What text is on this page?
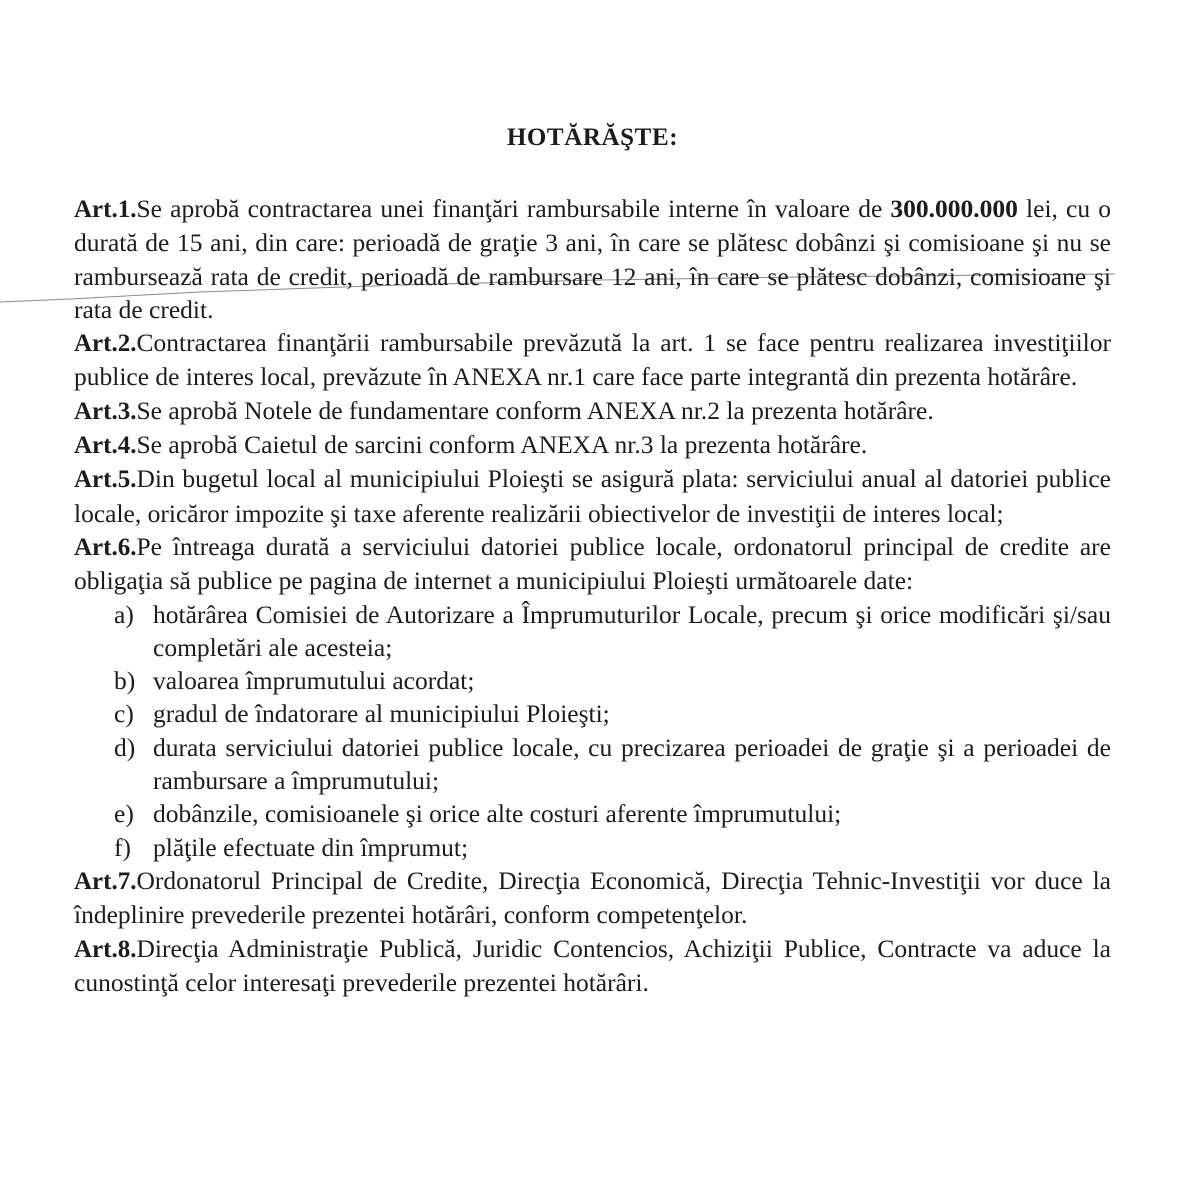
HOTĂRĂŞTE:

Art.1.Se aprobă contractarea unei finanţări rambursabile interne în valoare de 300.000.000 lei, cu o durată de 15 ani, din care: perioadă de graţie 3 ani, în care se plătesc dobânzi şi comisioane şi nu se rambursează rata de credit, perioadă de rambursare 12 ani, în care se plătesc dobânzi, comisioane şi rata de credit.

Art.2.Contractarea finanţării rambursabile prevăzută la art. 1 se face pentru realizarea investiţiilor publice de interes local, prevăzute în ANEXA nr.1 care face parte integrantă din prezenta hotărâre.

Art.3.Se aprobă Notele de fundamentare conform ANEXA nr.2 la prezenta hotărâre.

Art.4.Se aprobă Caietul de sarcini conform ANEXA nr.3 la prezenta hotărâre.

Art.5.Din bugetul local al municipiului Ploieşti se asigură plata: serviciului anual al datoriei publice locale, oricăror impozite şi taxe aferente realizării obiectivelor de investiţii de interes local;

Art.6.Pe întreaga durată a serviciului datoriei publice locale, ordonatorul principal de credite are obligaţia să publice pe pagina de internet a municipiului Ploieşti următoarele date:

a) hotărârea Comisiei de Autorizare a Împrumuturilor Locale, precum şi orice modificări şi/sau completări ale acesteia;
b) valoarea împrumutului acordat;
c) gradul de îndatorare al municipiului Ploieşti;
d) durata serviciului datoriei publice locale, cu precizarea perioadei de graţie şi a perioadei de rambursare a împrumutului;
e) dobânzile, comisioanele şi orice alte costuri aferente împrumutului;
f) plăţile efectuate din împrumut;

Art.7.Ordonatorul Principal de Credite, Direcţia Economică, Direcţia Tehnic-Investiţii vor duce la îndeplinire prevederile prezentei hotărâri, conform competenţelor.

Art.8.Direcţia Administraţie Publică, Juridic Contencios, Achiziţii Publice, Contracte va aduce la cunostinţă celor interesaţi prevederile prezentei hotărâri.
